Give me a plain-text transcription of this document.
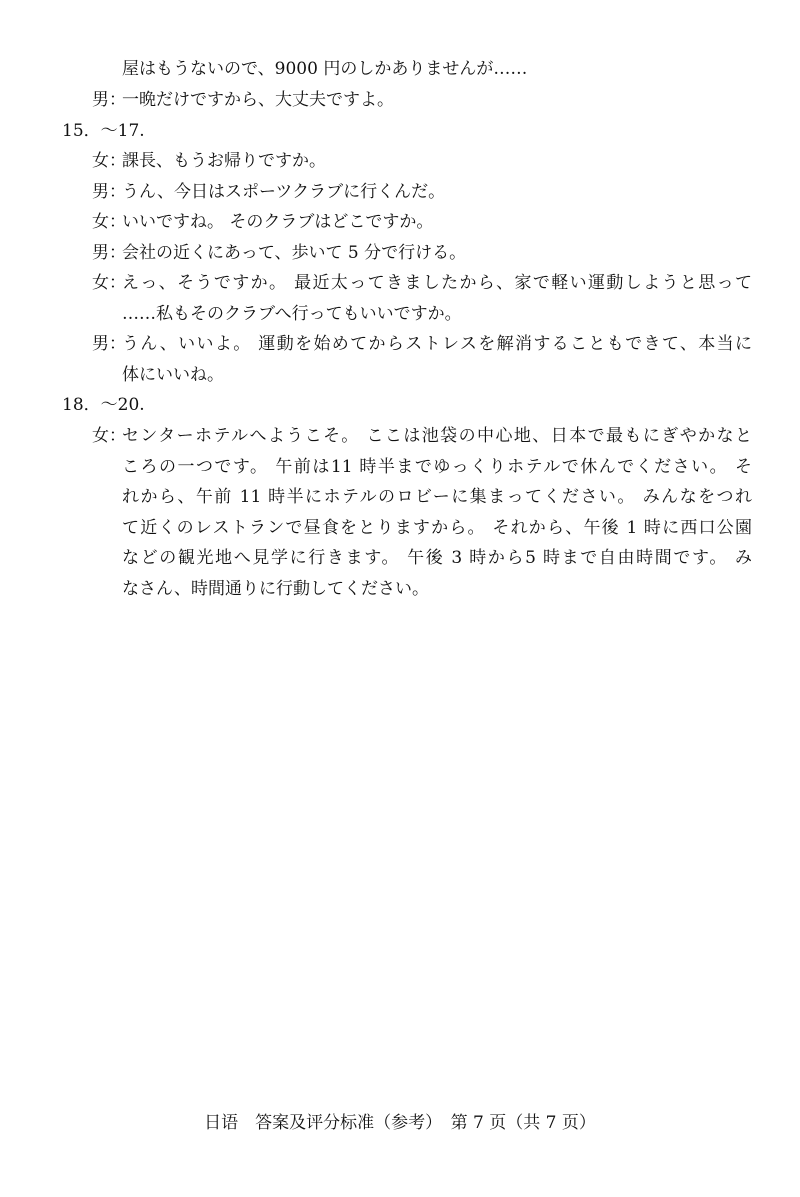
屋はもうないので、9000 円のしかありませんが……
男：
一晩だけですから、大丈夫ですよ。
15．～17.
女：
課長、もうお帰りですか。
男：
うん、今日はスポーツクラブに行くんだ。
女：
いいですね。 そのクラブはどこですか。
男：
会社の近くにあって、歩いて 5 分で行ける。
女：
えっ、そうですか。 最近太ってきましたから、家で軽い運動しようと思って
……私もそのクラブへ行ってもいいですか。
男：
うん、いいよ。 運動を始めてからストレスを解消することもできて、本当に
体にいいね。
18．～20.
女：
センターホテルへようこそ。 ここは池袋の中心地、日本で最もにぎやかなと
ころの一つです。 午前は11 時半までゆっくりホテルで休んでください。 そ
れから、午前 11 時半にホテルのロビーに集まってください。 みんなをつれ
て近くのレストランで昼食をとりますから。 それから、午後 1 時に西口公園
などの観光地へ見学に行きます。 午後 3 時から5 時まで自由時間です。 み
なさん、時間通りに行動してください。
日语　答案及评分标准（参考）　第 7 页（共 7 页）
